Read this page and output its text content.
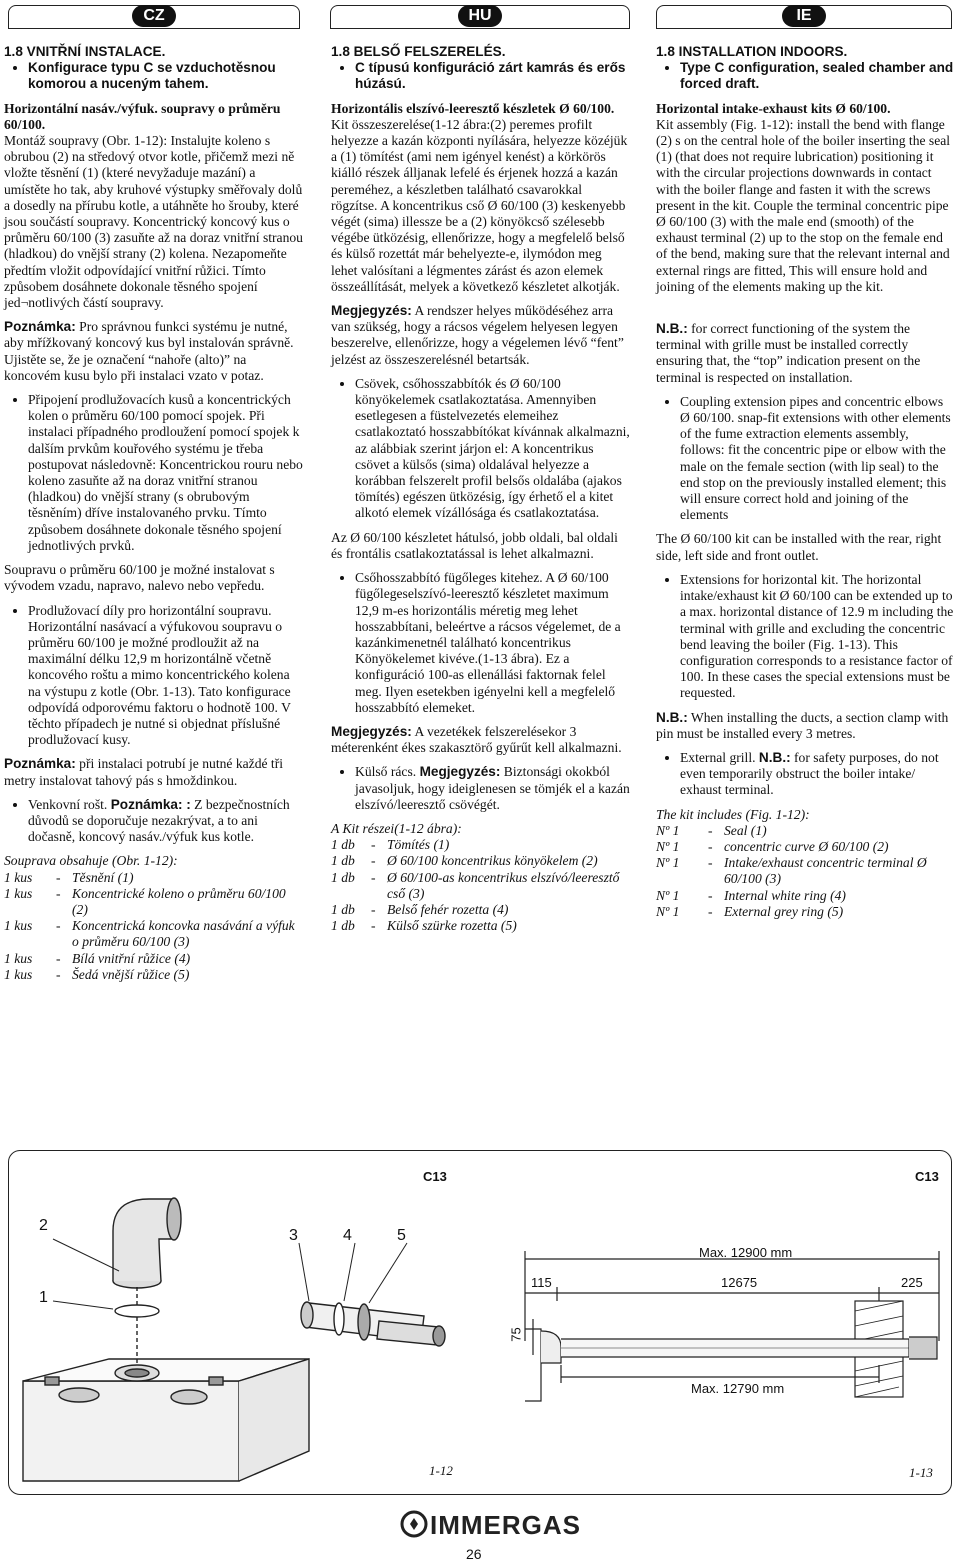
CZ	HU	IE

1.8 VNITŘNÍ INSTALACE.

• Konfigurace typu C se vzduchotěsnou komorou a nuceným tahem.

Horizontální nasáv./výfuk. soupravy o průměru 60/100.

Montáž soupravy (Obr. 1-12): Instalujte koleno s obrubou (2) na středový otvor kotle, přičemž mezi ně vložte těsnění (1) (které nevyžaduje mazání) a umístěte ho tak, aby kruhové výstupky směřovaly dolů a dosedly na přírubu kotle, a utáhněte ho šrouby, které jsou součástí soupravy. Koncentrický koncový kus o průměru 60/100 (3) zasuňte až na doraz vnitřní stranou (hladkou) do vnější strany (2) kolena. Nezapomeňte předtím vložit odpovídající vnitřní růžici. Tímto způsobem dosáhnete dokonale těsného spojení jed¬notlivých částí soupravy.

Poznámka: Pro správnou funkci systému je nutné, aby mřížkovaný koncový kus byl instalován správně. Ujistěte se, že je označení “nahoře (alto)” na koncovém kusu bylo při instalaci vzato v potaz.

• Připojení prodlužovacích kusů a koncentrických kolen o průměru 60/100 pomocí spojek. Při instalaci případného prodloužení pomocí spojek k dalším prvkům kouřového systému je třeba postupovat následovně: Koncentrickou rouru nebo koleno zasuňte až na doraz vnitřní stranou (hladkou) do vnější strany (s obrubovým těsněním) dříve instalovaného prvku. Tímto způsobem dosáhnete dokonale těsného spojení jednotlivých prvků.

Soupravu o průměru 60/100 je možné instalovat s vývodem vzadu, napravo, nalevo nebo vepředu.

• Prodlužovací díly pro horizontální soupravu. Horizontální nasávací a výfukovou soupravu o průměru 60/100 je možné prodloužit až na maximální délku 12,9 m horizontálně včetně koncového roštu a mimo koncentrického kolena na výstupu z kotle (Obr. 1-13). Tato konfigurace odpovídá odporovému faktoru o hodnotě 100. V těchto případech je nutné si objednat příslušné prodlužovací kusy.

Poznámka: při instalaci potrubí je nutné každé tři metry instalovat tahový pás s hmoždinkou.

• Venkovní rošt. Poznámka: : Z bezpečnostních důvodů se doporučuje nezakrývat, a to ani dočasně, koncový nasáv./výfuk kus kotle.

Souprava obsahuje (Obr. 1-12):

1 kus	- Těsnění (1)
1 kus	- Koncentrické koleno o průměru 60/100 (2)
1 kus	- Koncentrická koncovka nasávání a výfuk o průměru 60/100 (3)
1 kus	- Bílá vnitřní růžice (4)
1 kus	- Šedá vnější růžice (5)

1.8 BELSŐ FELSZERELÉS.

• C típusú konfiguráció zárt kamrás és erős húzású.

Horizontális elszívó-leeresztő készletek Ø 60/100.

Kit összeszerelése(1-12 ábra:(2) peremes profilt helyezze a kazán központi nyílására, helyezze közéjük a (1) tömítést (ami nem igényel kenést) a körkörös kiálló részek álljanak lefelé és érjenek hozzá a kazán pereméhez, a készletben található csavarokkal rögzítse. A koncentrikus cső Ø 60/100 (3) keskenyebb végét (sima) illessze be a (2) könyökcső szélesebb végébe ütközésig, ellenőrizze, hogy a megfelelő belső és külső rozettát már behelyezte-e, ilymódon meg lehet valósítani a légmentes zárást és azon elemek összeállítását, melyek a következő készletet alkotják.

Megjegyzés: A rendszer helyes működéséhez arra van szükség, hogy a rácsos végelem helyesen legyen beszerelve, ellenőrizze, hogy a végelemen lévő “fent” jelzést az összeszerelésnél betartsák.

• Csövek, csőhosszabbítók és Ø 60/100 könyökelemek csatlakoztatása. Amennyiben esetlegesen a füstelvezetés elemeihez csatlakoztató hosszabbítókat kívánnak alkalmazni, az alábbiak szerint járjon el: A koncentrikus csövet a külsős (sima) oldalával helyezze a korábban felszerelt profil belsős oldalába (ajakos tömítés) egészen ütközésig, így érhető el a kitet alkotó elemek vízállósága és csatlakoztatása.

Az Ø 60/100 készletet hátulsó, jobb oldali, bal oldali és frontális csatlakoztatással is lehet alkalmazni.

• Csőhosszabbító fügőleges kitehez. A Ø 60/100 fügőlegeselszívó-leeresztő készletet maximum 12,9 m-es horizontális méretig meg lehet hosszabbítani, beleértve a rácsos végelemet, de a kazánkimenetnél található koncentrikus Könyökelemet kivéve.(1-13 ábra). Ez a konfiguráció 100-as ellenállási faktornak felel meg. Ilyen esetekben igényelni kell a megfelelő hosszabbító elemeket.

Megjegyzés: A vezetékek felszerelésekor 3 méterenként ékes szakasztörő gyűrűt kell alkalmazni.

• Külső rács. Megjegyzés: Biztonsági okokból javasoljuk, hogy ideiglenesen se tömjék el a kazán elszívó/leeresztő csövégét.

A Kit részei(1-12 ábra):

1 db	- Tömítés (1)
1 db	- Ø 60/100 koncentrikus könyökelem (2)
1 db	- Ø 60/100-as koncentrikus elszívó/leeresztő cső (3)
1 db	- Belső fehér rozetta (4)
1 db	- Külső szürke rozetta (5)

1.8 INSTALLATION INDOORS.

• Type C configuration, sealed chamber and forced draft.

Horizontal intake-exhaust kits Ø 60/100.

Kit assembly (Fig. 1-12): install the bend with flange (2) s on the central hole of the boiler inserting the seal (1) (that does not require lubrication) positioning it with the circular projections downwards in contact with the boiler flange and fasten it with the screws present in the kit. Couple the terminal concentric pipe Ø 60/100 (3) with the male end (smooth) of the exhaust terminal (2) up to the stop on the female end of the bend, making sure that the relevant internal and external rings are fitted, This will ensure hold and joining of the elements making up the kit.

N.B.: for correct functioning of the system the terminal with grille must be installed correctly ensuring that, the “top” indication present on the terminal is respected on installation.

• Coupling extension pipes and concentric elbows Ø 60/100. snap-fit extensions with other elements of the fume extraction elements assembly, follows: fit the concentric pipe or elbow with the male on the female section (with lip seal) to the end stop on the previously installed element; this will ensure correct hold and joining of the elements

The Ø 60/100 kit can be installed with the rear, right side, left side and front outlet.

• Extensions for horizontal kit. The horizontal intake/exhaust kit Ø 60/100 can be extended up to a max. horizontal distance of 12.9 m including the terminal with grille and excluding the concentric bend leaving the boiler (Fig. 1-13). This configuration corresponds to a resistance factor of 100. In these cases the special extensions must be requested.

N.B.: When installing the ducts, a section clamp with pin must be installed every 3 metres.

• External grill. N.B.: for safety purposes, do not even temporarily obstruct the boiler intake/ exhaust terminal.

The kit includes (Fig. 1-12):

Nº 1	- Seal (1)
Nº 1	- concentric curve Ø 60/100 (2)
Nº 1	- Intake/exhaust concentric terminal Ø 60/100 (3)
Nº 1	- Internal white ring (4)
Nº 1	- External grey ring (5)
C13	C13
2
1
3	4	5
Max. 12900 mm
115	12675	225
75
Max. 12790 mm
1-12	1-13
IMMERGAS
26
